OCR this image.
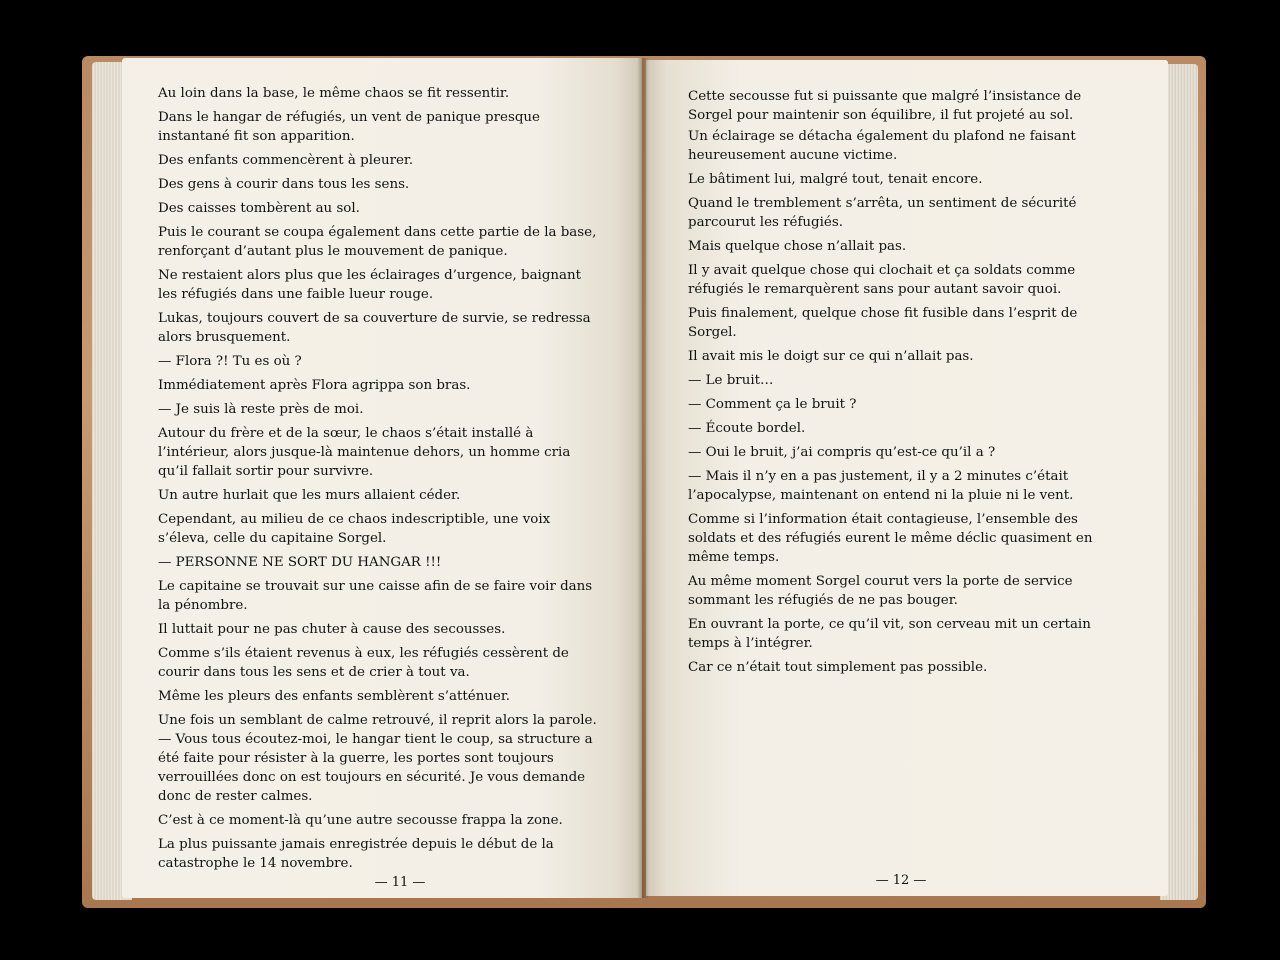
Au loin dans la base, le même chaos se fit ressentir.

Dans le hangar de réfugiés, un vent de panique presque instantané fit son apparition.

Des enfants commencèrent à pleurer.

Des gens à courir dans tous les sens.

Des caisses tombèrent au sol.

Puis le courant se coupa également dans cette partie de la base, renforçant d’autant plus le mouvement de panique.

Ne restaient alors plus que les éclairages d’urgence, baignant les réfugiés dans une faible lueur rouge.

Lukas, toujours couvert de sa couverture de survie, se redressa alors brusquement.

— Flora ?! Tu es où ?

Immédiatement après Flora agrippa son bras.

— Je suis là reste près de moi.

Autour du frère et de la sœur, le chaos s’était installé à l’intérieur, alors jusque-là maintenue dehors, un homme cria qu’il fallait sortir pour survivre.

Un autre hurlait que les murs allaient céder.

Cependant, au milieu de ce chaos indescriptible, une voix s’éleva, celle du capitaine Sorgel.

— PERSONNE NE SORT DU HANGAR !!!

Le capitaine se trouvait sur une caisse afin de se faire voir dans la pénombre.

Il luttait pour ne pas chuter à cause des secousses.

Comme s’ils étaient revenus à eux, les réfugiés cessèrent de courir dans tous les sens et de crier à tout va.

Même les pleurs des enfants semblèrent s’atténuer.

Une fois un semblant de calme retrouvé, il reprit alors la parole.

— Vous tous écoutez-moi, le hangar tient le coup, sa structure a été faite pour résister à la guerre, les portes sont toujours verrouillées donc on est toujours en sécurité. Je vous demande donc de rester calmes.

C’est à ce moment-là qu’une autre secousse frappa la zone.

La plus puissante jamais enregistrée depuis le début de la catastrophe le 14 novembre.

— 11 —

Cette secousse fut si puissante que malgré l’insistance de Sorgel pour maintenir son équilibre, il fut projeté au sol.

Un éclairage se détacha également du plafond ne faisant heureusement aucune victime.

Le bâtiment lui, malgré tout, tenait encore.

Quand le tremblement s’arrêta, un sentiment de sécurité parcourut les réfugiés.

Mais quelque chose n’allait pas.

Il y avait quelque chose qui clochait et ça soldats comme réfugiés le remarquèrent sans pour autant savoir quoi.

Puis finalement, quelque chose fit fusible dans l’esprit de Sorgel.

Il avait mis le doigt sur ce qui n’allait pas.

— Le bruit…

— Comment ça le bruit ?

— Écoute bordel.

— Oui le bruit, j’ai compris qu’est-ce qu’il a ?

— Mais il n’y en a pas justement, il y a 2 minutes c’était l’apocalypse, maintenant on entend ni la pluie ni le vent.

Comme si l’information était contagieuse, l’ensemble des soldats et des réfugiés eurent le même déclic quasiment en même temps.

Au même moment Sorgel courut vers la porte de service sommant les réfugiés de ne pas bouger.

En ouvrant la porte, ce qu’il vit, son cerveau mit un certain temps à l’intégrer.

Car ce n’était tout simplement pas possible.

— 12 —
